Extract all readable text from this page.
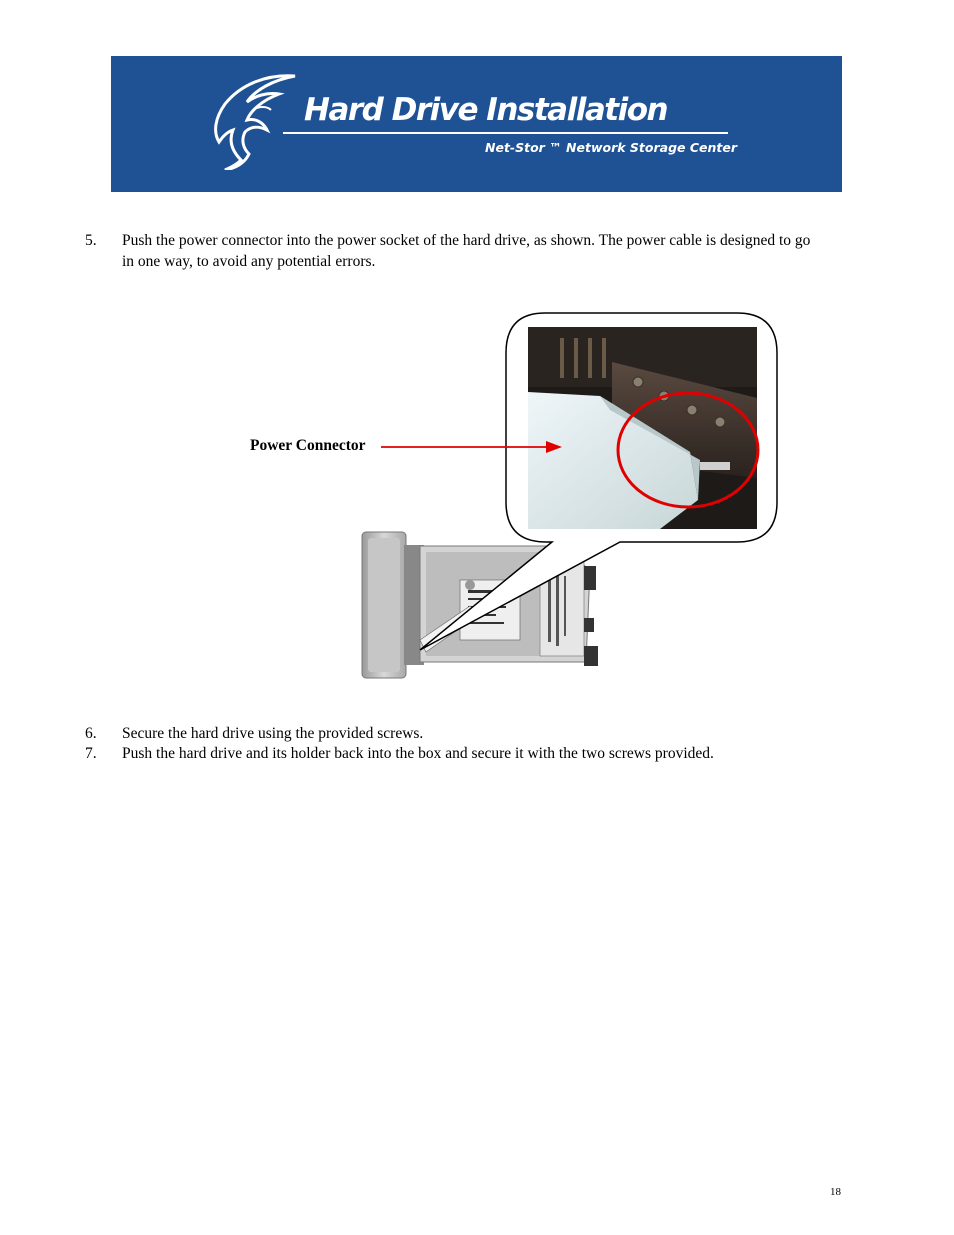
Hard Drive Installation
Net-Stor ™ Network Storage Center
5. Push the power connector into the power socket of the hard drive, as shown. The power cable is designed to go in one way, to avoid any potential errors.
Power Connector
6. Secure the hard drive using the provided screws.
7. Push the hard drive and its holder back into the box and secure it with the two screws provided.
18
